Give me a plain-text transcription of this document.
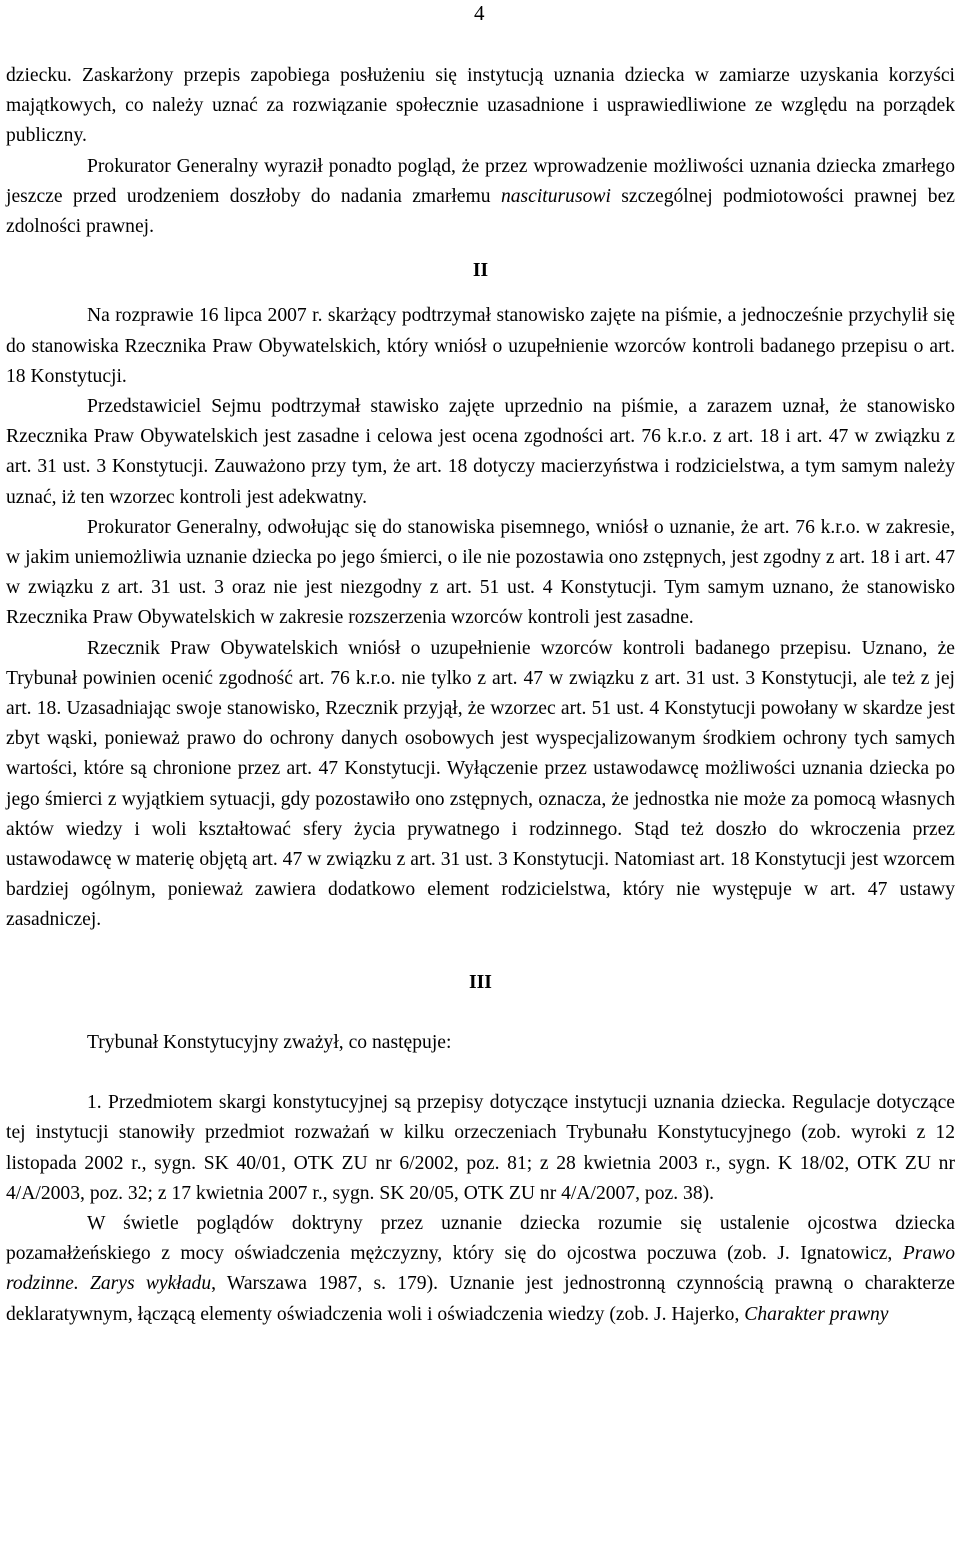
4

dziecku. Zaskarżony przepis zapobiega posłużeniu się instytucją uznania dziecka w zamiarze uzyskania korzyści majątkowych, co należy uznać za rozwiązanie społecznie uzasadnione i usprawiedliwione ze względu na porządek publiczny.

Prokurator Generalny wyraził ponadto pogląd, że przez wprowadzenie możliwości uznania dziecka zmarłego jeszcze przed urodzeniem doszłoby do nadania zmarłemu nasciturusowi szczególnej podmiotowości prawnej bez zdolności prawnej.

II

Na rozprawie 16 lipca 2007 r. skarżący podtrzymał stanowisko zajęte na piśmie, a jednocześnie przychylił się do stanowiska Rzecznika Praw Obywatelskich, który wniósł o uzupełnienie wzorców kontroli badanego przepisu o art. 18 Konstytucji.

Przedstawiciel Sejmu podtrzymał stawisko zajęte uprzednio na piśmie, a zarazem uznał, że stanowisko Rzecznika Praw Obywatelskich jest zasadne i celowa jest ocena zgodności art. 76 k.r.o. z art. 18 i art. 47 w związku z art. 31 ust. 3 Konstytucji. Zauważono przy tym, że art. 18 dotyczy macierzyństwa i rodzicielstwa, a tym samym należy uznać, iż ten wzorzec kontroli jest adekwatny.

Prokurator Generalny, odwołując się do stanowiska pisemnego, wniósł o uznanie, że art. 76 k.r.o. w zakresie, w jakim uniemożliwia uznanie dziecka po jego śmierci, o ile nie pozostawia ono zstępnych, jest zgodny z art. 18 i art. 47 w związku z art. 31 ust. 3 oraz nie jest niezgodny z art. 51 ust. 4 Konstytucji. Tym samym uznano, że stanowisko Rzecznika Praw Obywatelskich w zakresie rozszerzenia wzorców kontroli jest zasadne.

Rzecznik Praw Obywatelskich wniósł o uzupełnienie wzorców kontroli badanego przepisu. Uznano, że Trybunał powinien ocenić zgodność art. 76 k.r.o. nie tylko z art. 47 w związku z art. 31 ust. 3 Konstytucji, ale też z jej art. 18. Uzasadniając swoje stanowisko, Rzecznik przyjął, że wzorzec art. 51 ust. 4 Konstytucji powołany w skardze jest zbyt wąski, ponieważ prawo do ochrony danych osobowych jest wyspecjalizowanym środkiem ochrony tych samych wartości, które są chronione przez art. 47 Konstytucji. Wyłączenie przez ustawodawcę możliwości uznania dziecka po jego śmierci z wyjątkiem sytuacji, gdy pozostawiło ono zstępnych, oznacza, że jednostka nie może za pomocą własnych aktów wiedzy i woli kształtować sfery życia prywatnego i rodzinnego. Stąd też doszło do wkroczenia przez ustawodawcę w materię objętą art. 47 w związku z art. 31 ust. 3 Konstytucji. Natomiast art. 18 Konstytucji jest wzorcem bardziej ogólnym, ponieważ zawiera dodatkowo element rodzicielstwa, który nie występuje w art. 47 ustawy zasadniczej.

III

Trybunał Konstytucyjny zważył, co następuje:

1. Przedmiotem skargi konstytucyjnej są przepisy dotyczące instytucji uznania dziecka. Regulacje dotyczące tej instytucji stanowiły przedmiot rozważań w kilku orzeczeniach Trybunału Konstytucyjnego (zob. wyroki z 12 listopada 2002 r., sygn. SK 40/01, OTK ZU nr 6/2002, poz. 81; z 28 kwietnia 2003 r., sygn. K 18/02, OTK ZU nr 4/A/2003, poz. 32; z 17 kwietnia 2007 r., sygn. SK 20/05, OTK ZU nr 4/A/2007, poz. 38).

W świetle poglądów doktryny przez uznanie dziecka rozumie się ustalenie ojcostwa dziecka pozamałżeńskiego z mocy oświadczenia mężczyzny, który się do ojcostwa poczuwa (zob. J. Ignatowicz, Prawo rodzinne. Zarys wykładu, Warszawa 1987, s. 179). Uznanie jest jednostronną czynnością prawną o charakterze deklaratywnym, łączącą elementy oświadczenia woli i oświadczenia wiedzy (zob. J. Hajerko, Charakter prawny
